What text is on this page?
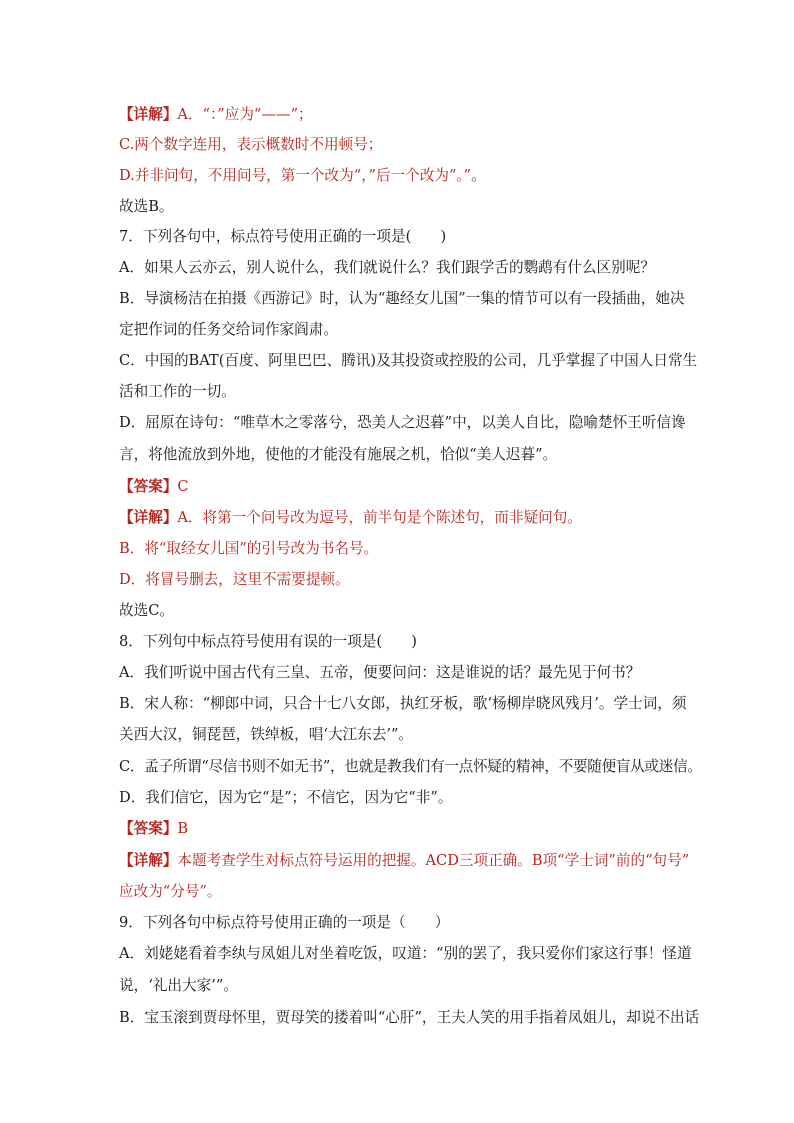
【详解】A．“：”应为“——”；
C.两个数字连用，表示概数时不用顿号；
D.并非问句，不用问号，第一个改为“，”后一个改为“。”。
故选B。
7．下列各句中，标点符号使用正确的一项是(　　)
A．如果人云亦云，别人说什么，我们就说什么？我们跟学舌的鹦鹉有什么区别呢？
B．导演杨洁在拍摄《西游记》时，认为“趣经女儿国”一集的情节可以有一段插曲，她决
定把作词的任务交给词作家阎肃。
C．中国的BAT(百度、阿里巴巴、腾讯)及其投资或控股的公司，几乎掌握了中国人日常生
活和工作的一切。
D．屈原在诗句：“唯草木之零落兮，恐美人之迟暮”中，以美人自比，隐喻楚怀王听信谗
言，将他流放到外地，使他的才能没有施展之机，恰似“美人迟暮”。
【答案】C
【详解】A．将第一个问号改为逗号，前半句是个陈述句，而非疑问句。
B．将“取经女儿国”的引号改为书名号。
D．将冒号删去，这里不需要提顿。
故选C。
8．下列句中标点符号使用有误的一项是(　　)
A．我们听说中国古代有三皇、五帝，便要问问：这是谁说的话？最先见于何书？
B．宋人称：“柳郎中词，只合十七八女郎，执红牙板，歌‘杨柳岸晓风残月’。学士词，须
关西大汉，铜琵琶，铁绰板，唱‘大江东去’”。
C．孟子所谓“尽信书则不如无书”，也就是教我们有一点怀疑的精神，不要随便盲从或迷信。
D．我们信它，因为它“是”；不信它，因为它“非”。
【答案】B
【详解】本题考查学生对标点符号运用的把握。ACD三项正确。B项“学士词”前的“句号”
应改为“分号”。
9．下列各句中标点符号使用正确的一项是（　　）
A．刘姥姥看着李纨与凤姐儿对坐着吃饭，叹道：“别的罢了，我只爱你们家这行事！怪道
说，‘礼出大家’”。
B．宝玉滚到贾母怀里，贾母笑的搂着叫“心肝”，王夫人笑的用手指着凤姐儿，却说不出话
